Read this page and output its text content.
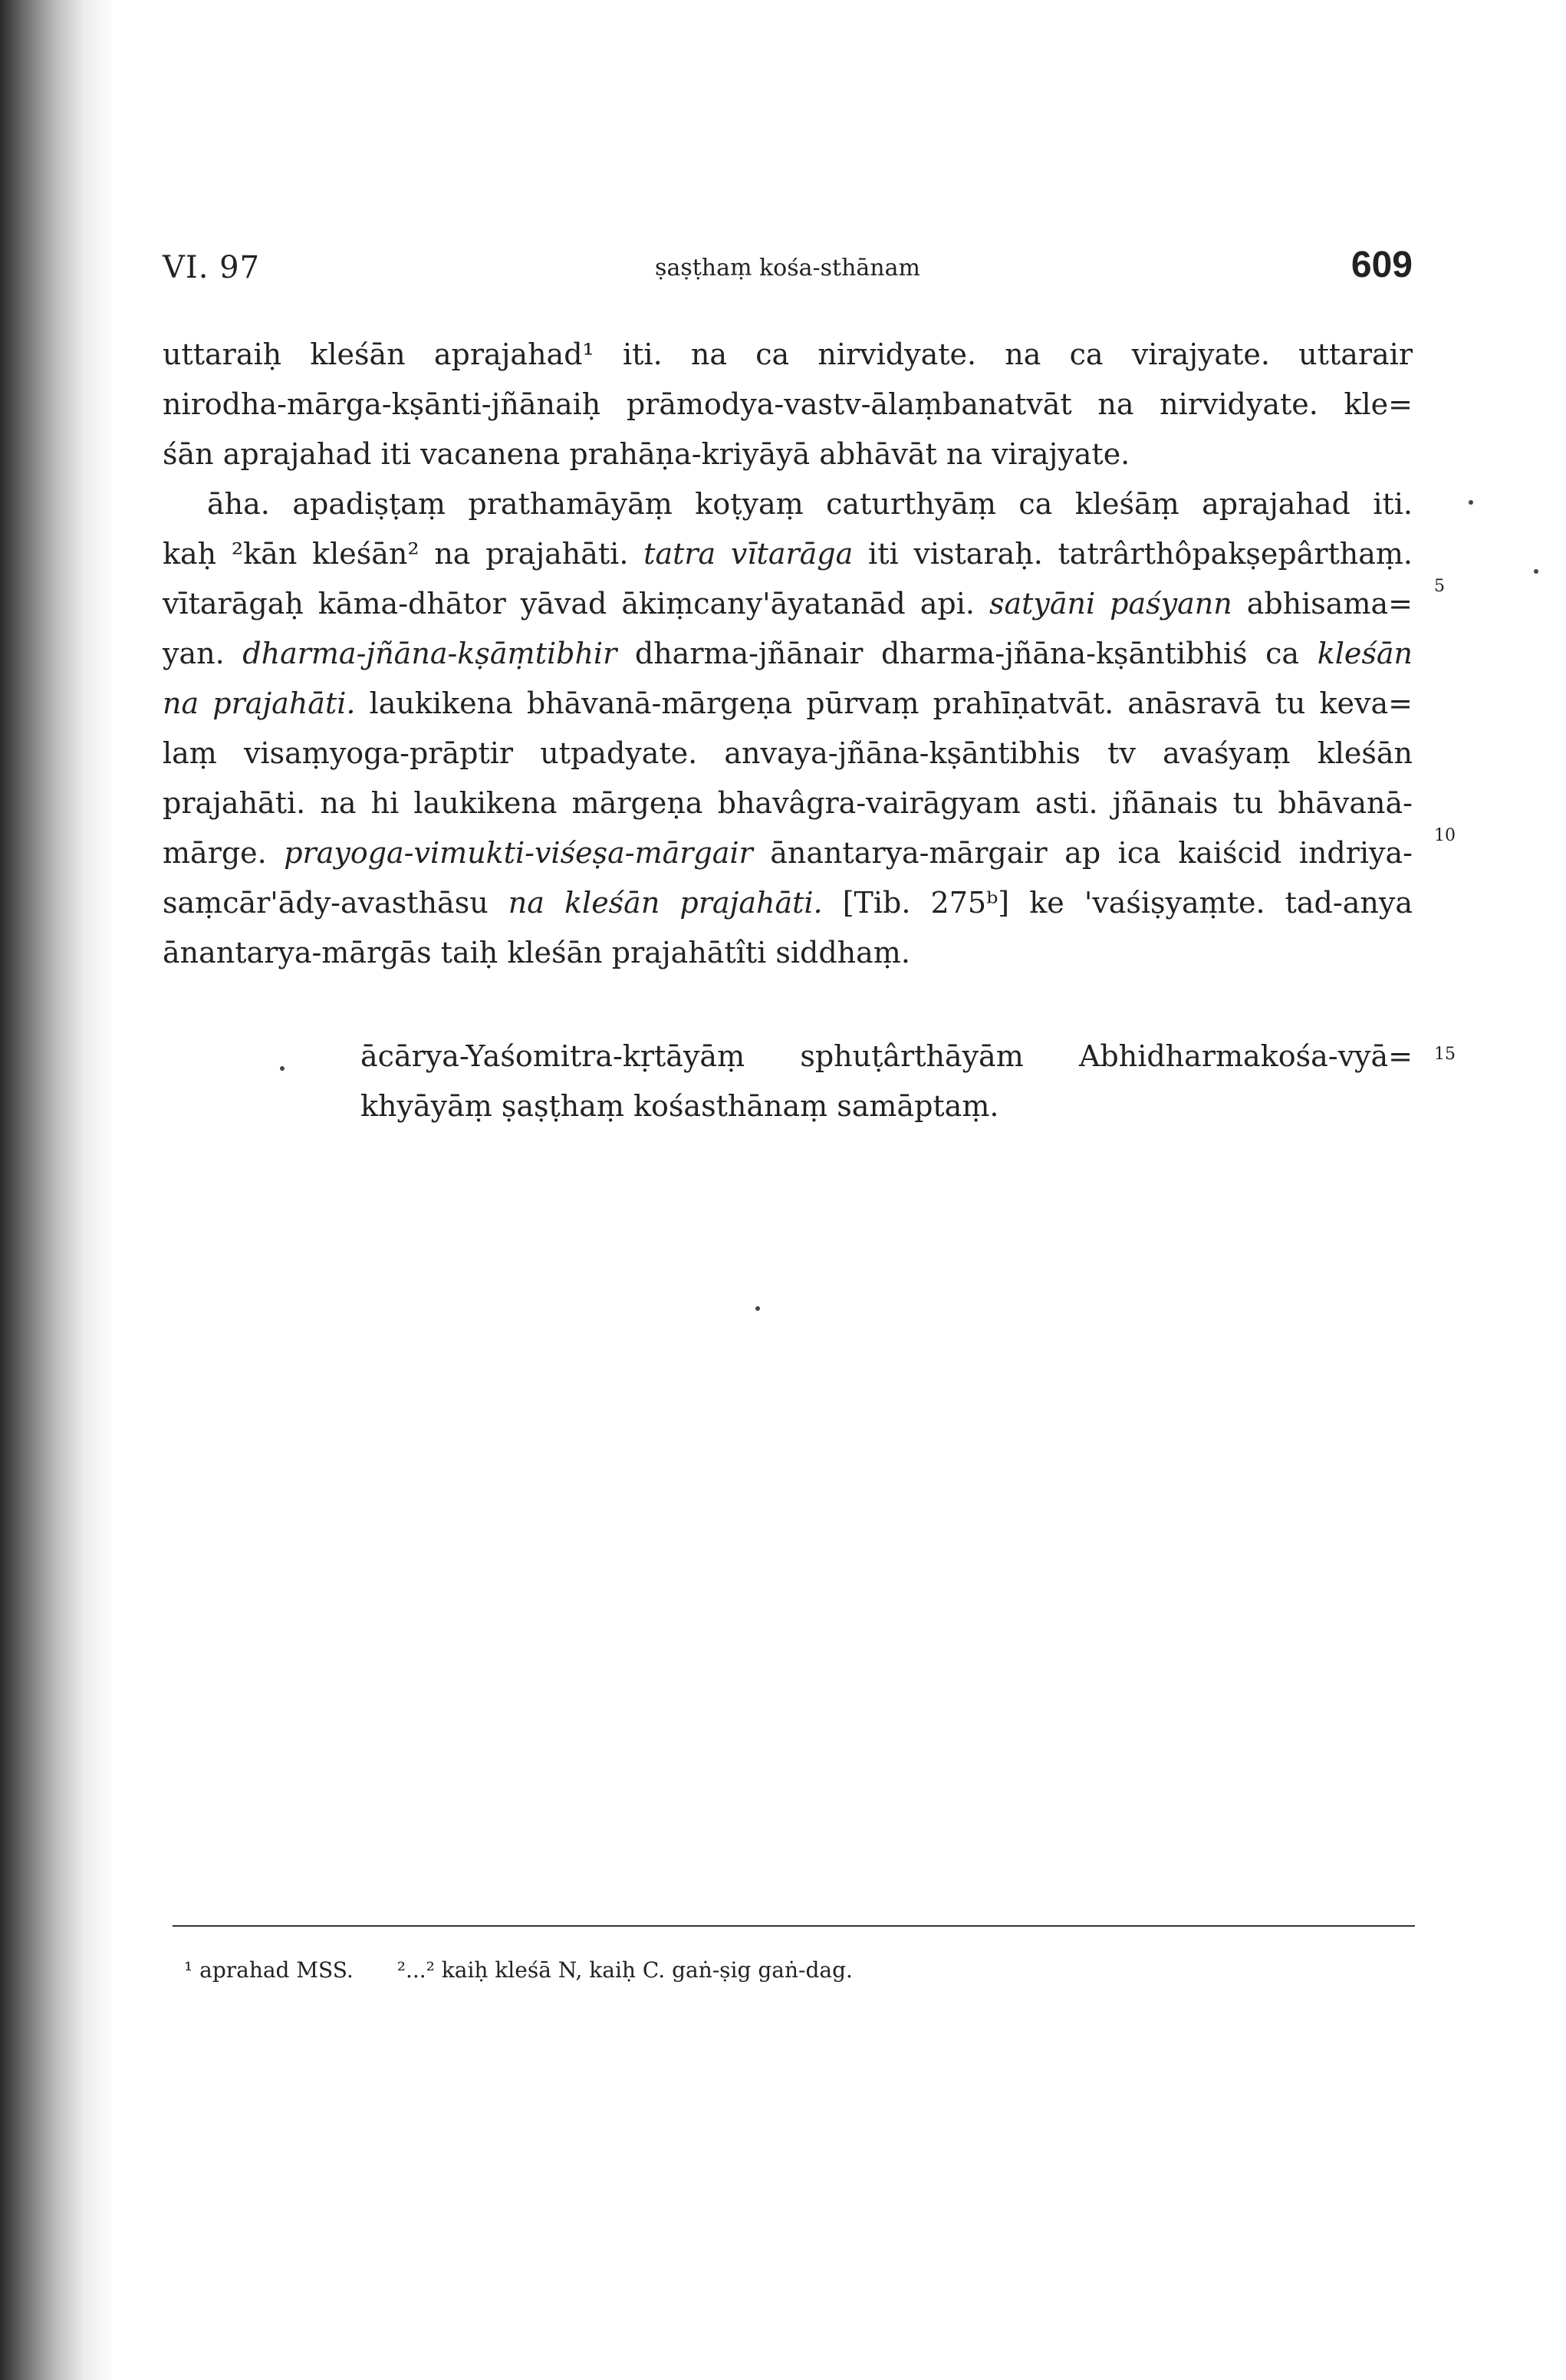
VI. 97	ṣaṣṭhaṃ kośa-sthānam	609
uttaraiḥ kleśān aprajahad¹ iti. na ca nirvidyate. na ca virajyate. uttarair
nirodha-mārga-kṣānti-jñānaiḥ prāmodya-vastv-ālaṃbanatvāt na nirvidyate. kle=
śān aprajahad iti vacanena prahāṇa-kriyāyā abhāvāt na virajyate.
āha. apadiṣṭaṃ prathamāyāṃ koṭyaṃ caturthyāṃ ca kleśāṃ aprajahad iti.
kaḥ ²kān kleśān² na prajahāti. tatra vītarāga iti vistaraḥ. tatrârthôpakṣepârthaṃ.
vītarāgaḥ kāma-dhātor yāvad ākiṃcany'āyatanād api. satyāni paśyann abhisama=
yan. dharma-jñāna-kṣāṃtibhir dharma-jñānair dharma-jñāna-kṣāntibhiś ca kleśān
na prajahāti. laukikena bhāvanā-mārgeṇa pūrvaṃ prahīṇatvāt. anāsravā tu keva=
laṃ visaṃyoga-prāptir utpadyate. anvaya-jñāna-kṣāntibhis tv avaśyaṃ kleśān
prajahāti. na hi laukikena mārgeṇa bhavâgra-vairāgyam asti. jñānais tu bhāvanā-
mārge. prayoga-vimukti-viśeṣa-mārgair ānantarya-mārgair ap ica kaiścid indriya-
saṃcār'ādy-avasthāsu na kleśān prajahāti. [Tib. 275ᵇ] ke 'vaśiṣyaṃte. tad-anya
ānantarya-mārgās taiḥ kleśān prajahātîti siddhaṃ.
5
10
15
ācārya-Yaśomitra-kṛtāyāṃ sphuṭârthāyām Abhidharmakośa-vyā=
khyāyāṃ ṣaṣṭhaṃ kośasthānaṃ samāptaṃ.
¹ aprahad MSS. ²...² kaiḥ kleśā N, kaiḥ C. gaṅ-ṣig gaṅ-dag.
